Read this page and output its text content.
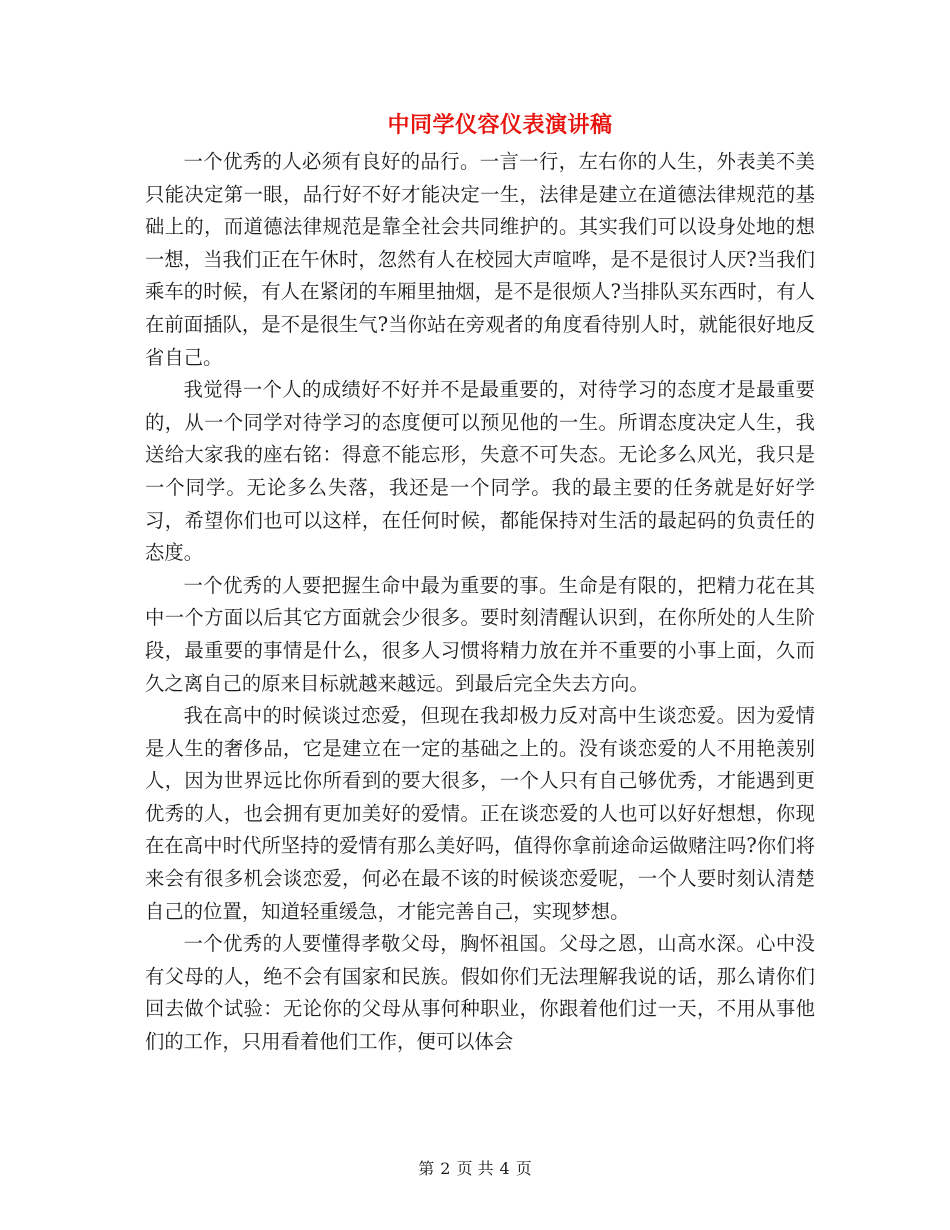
中同学仪容仪表演讲稿

一个优秀的人必须有良好的品行。一言一行，左右你的人生，外表美不美只能决定第一眼，品行好不好才能决定一生，法律是建立在道德法律规范的基础上的，而道德法律规范是靠全社会共同维护的。其实我们可以设身处地的想一想，当我们正在午休时，忽然有人在校园大声喧哗，是不是很讨人厌?当我们乘车的时候，有人在紧闭的车厢里抽烟，是不是很烦人?当排队买东西时，有人在前面插队，是不是很生气?当你站在旁观者的角度看待别人时，就能很好地反省自己。

我觉得一个人的成绩好不好并不是最重要的，对待学习的态度才是最重要的，从一个同学对待学习的态度便可以预见他的一生。所谓态度决定人生，我送给大家我的座右铭：得意不能忘形，失意不可失态。无论多么风光，我只是一个同学。无论多么失落，我还是一个同学。我的最主要的任务就是好好学习，希望你们也可以这样，在任何时候，都能保持对生活的最起码的负责任的态度。

一个优秀的人要把握生命中最为重要的事。生命是有限的，把精力花在其中一个方面以后其它方面就会少很多。要时刻清醒认识到，在你所处的人生阶段，最重要的事情是什么，很多人习惯将精力放在并不重要的小事上面，久而久之离自己的原来目标就越来越远。到最后完全失去方向。

我在高中的时候谈过恋爱，但现在我却极力反对高中生谈恋爱。因为爱情是人生的奢侈品，它是建立在一定的基础之上的。没有谈恋爱的人不用艳羡别人，因为世界远比你所看到的要大很多，一个人只有自己够优秀，才能遇到更优秀的人，也会拥有更加美好的爱情。正在谈恋爱的人也可以好好想想，你现在在高中时代所坚持的爱情有那么美好吗，值得你拿前途命运做赌注吗?你们将来会有很多机会谈恋爱，何必在最不该的时候谈恋爱呢，一个人要时刻认清楚自己的位置，知道轻重缓急，才能完善自己，实现梦想。

一个优秀的人要懂得孝敬父母，胸怀祖国。父母之恩，山高水深。心中没有父母的人，绝不会有国家和民族。假如你们无法理解我说的话，那么请你们回去做个试验：无论你的父母从事何种职业，你跟着他们过一天，不用从事他们的工作，只用看着他们工作，便可以体会

第 2 页 共 4 页
